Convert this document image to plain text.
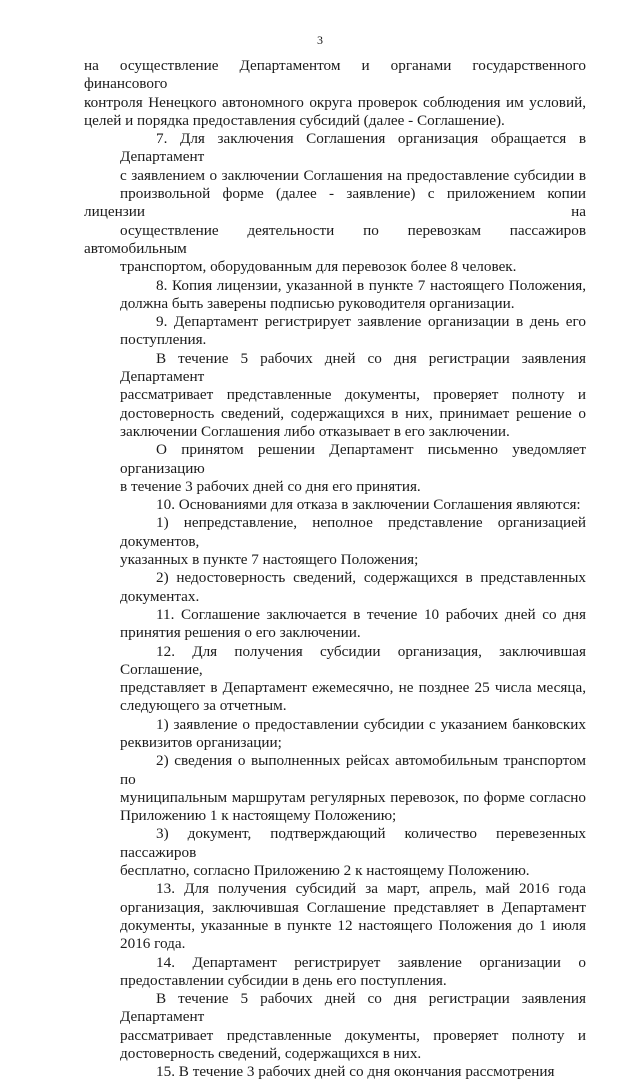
3
на осуществление Департаментом и органами государственного финансового
контроля Ненецкого автономного округа проверок соблюдения им условий,
целей и порядка предоставления субсидий (далее - Соглашение).
7. Для заключения Соглашения организация обращается в Департамент
с заявлением о заключении Соглашения на предоставление субсидии в
произвольной форме (далее - заявление) с приложением копии лицензии на
осуществление деятельности по перевозкам пассажиров автомобильным
транспортом, оборудованным для перевозок более 8 человек.
8. Копия лицензии, указанной в пункте 7 настоящего Положения,
должна быть заверены подписью руководителя организации.
9. Департамент регистрирует заявление организации в день его
поступления.
В течение 5 рабочих дней со дня регистрации заявления Департамент
рассматривает представленные документы, проверяет полноту и
достоверность сведений, содержащихся в них, принимает решение о
заключении Соглашения либо отказывает в его заключении.
О принятом решении Департамент письменно уведомляет организацию
в течение 3 рабочих дней со дня его принятия.
10. Основаниями для отказа в заключении Соглашения являются:
1) непредставление, неполное представление организацией документов,
указанных в пункте 7 настоящего Положения;
2) недостоверность сведений, содержащихся в представленных
документах.
11. Соглашение заключается в течение 10 рабочих дней со дня
принятия решения о его заключении.
12. Для получения субсидии организация, заключившая Соглашение,
представляет в Департамент ежемесячно, не позднее 25 числа месяца,
следующего за отчетным.
1) заявление о предоставлении субсидии с указанием банковских
реквизитов организации;
2) сведения о выполненных рейсах автомобильным транспортом по
муниципальным маршрутам регулярных перевозок, по форме согласно
Приложению 1 к настоящему Положению;
3) документ, подтверждающий количество перевезенных пассажиров
бесплатно, согласно Приложению 2 к настоящему Положению.
13. Для получения субсидий за март, апрель, май 2016 года
организация, заключившая Соглашение представляет в Департамент
документы, указанные в пункте 12 настоящего Положения до 1 июля
2016 года.
14. Департамент регистрирует заявление организации о
предоставлении субсидии в день его поступления.
В течение 5 рабочих дней со дня регистрации заявления Департамент
рассматривает представленные документы, проверяет полноту и
достоверность сведений, содержащихся в них.
15. В течение 3 рабочих дней со дня окончания рассмотрения
